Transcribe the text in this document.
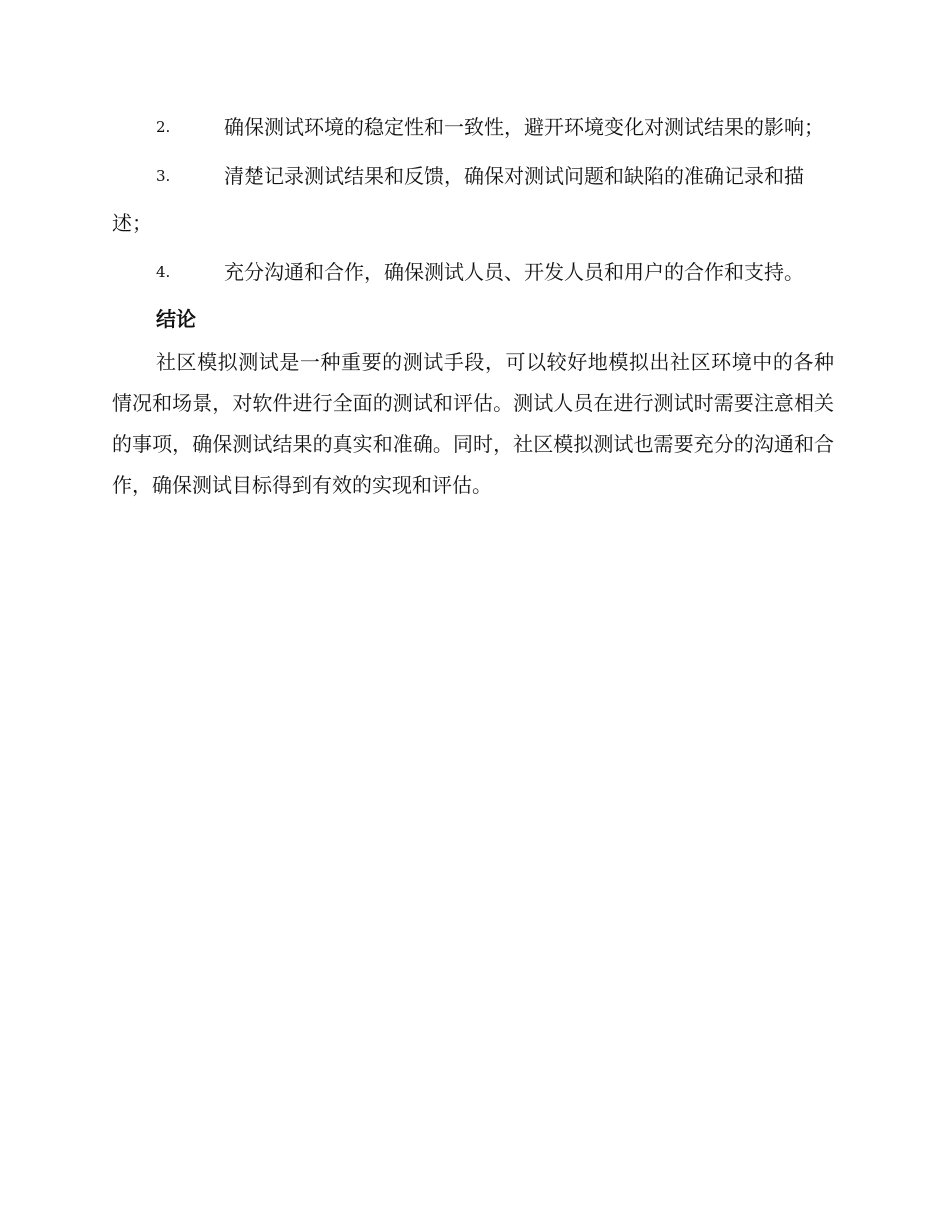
2.	确保测试环境的稳定性和一致性，避开环境变化对测试结果的影响；
3.	清楚记录测试结果和反馈，确保对测试问题和缺陷的准确记录和描述；
4.	充分沟通和合作，确保测试人员、开发人员和用户的合作和支持。
结论

社区模拟测试是一种重要的测试手段，可以较好地模拟出社区环境中的各种情况和场景，对软件进行全面的测试和评估。测试人员在进行测试时需要注意相关的事项，确保测试结果的真实和准确。同时，社区模拟测试也需要充分的沟通和合作，确保测试目标得到有效的实现和评估。
